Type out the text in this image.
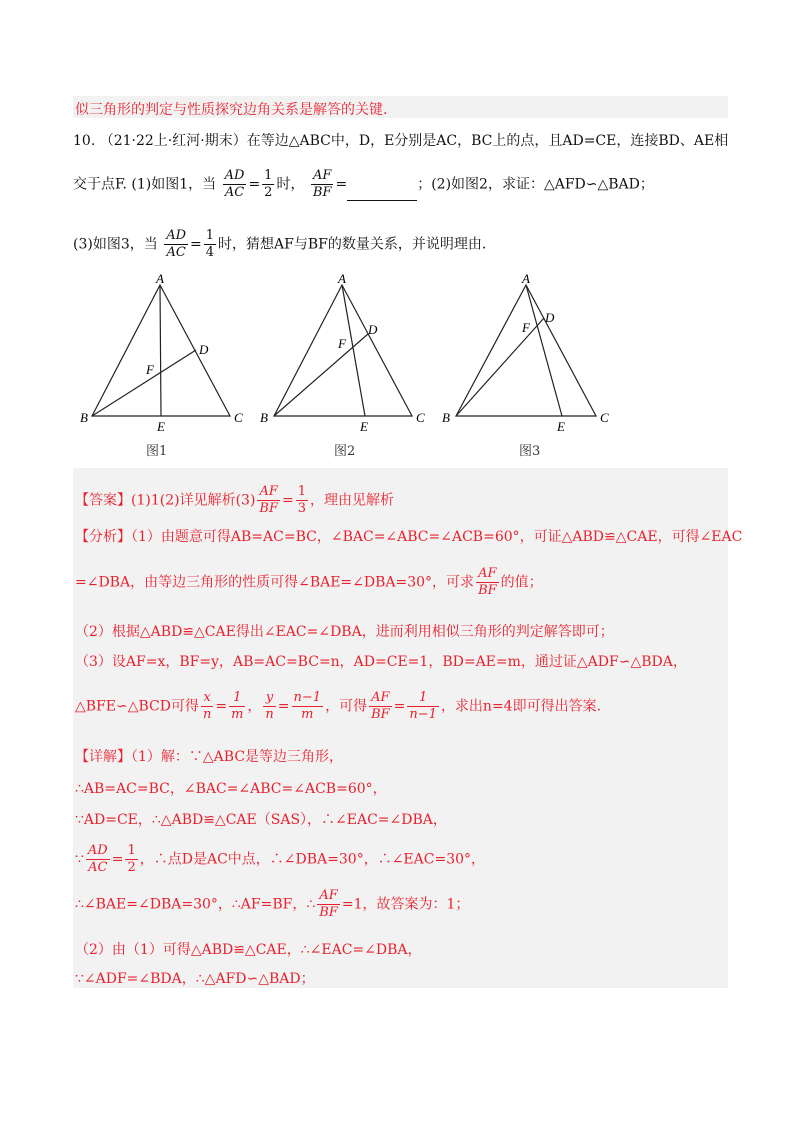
似三角形的判定与性质探究边角关系是解答的关键.
10. （21·22上·红河·期末）在等边△ABC中，D，E分别是AC，BC上的点，且AD=CE，连接BD、AE相
交于点F. (1)如图1，当 $\frac{AD}{AC} = \frac{1}{2}$ 时， $\frac{AF}{BF}$ =	；(2)如图2，求证：△AFD∽△BAD；
(3)如图3，当 $\frac{AD}{AC} = \frac{1}{4}$ 时，猜想AF与BF的数量关系，并说明理由.
A
B	C
D
E
F
图1
A
B	C
D
E
F
图2
A
B	C
D
E
F
图3
【答案】(1)1(2)详见解析$(3) \frac{AF}{BF} = \frac{1}{3}$ ，理由见解析
【分析】（1）由题意可得AB=AC=BC，∠BAC=∠ABC=∠ACB=60°，可证△ABD≌△CAE，可得∠EAC
=∠DBA，由等边三角形的性质可得∠BAE=∠DBA=30°，可求 $\frac{AF}{BF}$ 的值；
（2）根据△ABD≌△CAE得出∠EAC=∠DBA，进而利用相似三角形的判定解答即可；
（3）设AF=x，BF=y，AB=AC=BC=n，AD=CE=1，BD=AE=m，通过证△ADF∽△BDA，
△BFE∽△BCD可得 $\frac{x}{n} = \frac{1}{m}$ ， $\frac{y}{n} = \frac{n-1}{m}$ ，可得 $\frac{AF}{BF} = \frac{1}{n-1}$ ，求出n=4即可得出答案.
【详解】（1）解：∵△ABC是等边三角形，
∴AB=AC=BC，∠BAC=∠ABC=∠ACB=60°，
∵AD=CE，∴△ABD≌△CAE（SAS），∴∠EAC=∠DBA，
∵ $\frac{AD}{AC} = \frac{1}{2}$ ，∴点D是AC中点，∴∠DBA=30°，∴∠EAC=30°，
∴∠BAE=∠DBA=30°，∴AF=BF，∴ $\frac{AF}{BF} =1$，故答案为：1；
（2）由（1）可得△ABD≌△CAE，∴∠EAC=∠DBA，
∵∠ADF=∠BDA，∴△AFD∽△BAD；
